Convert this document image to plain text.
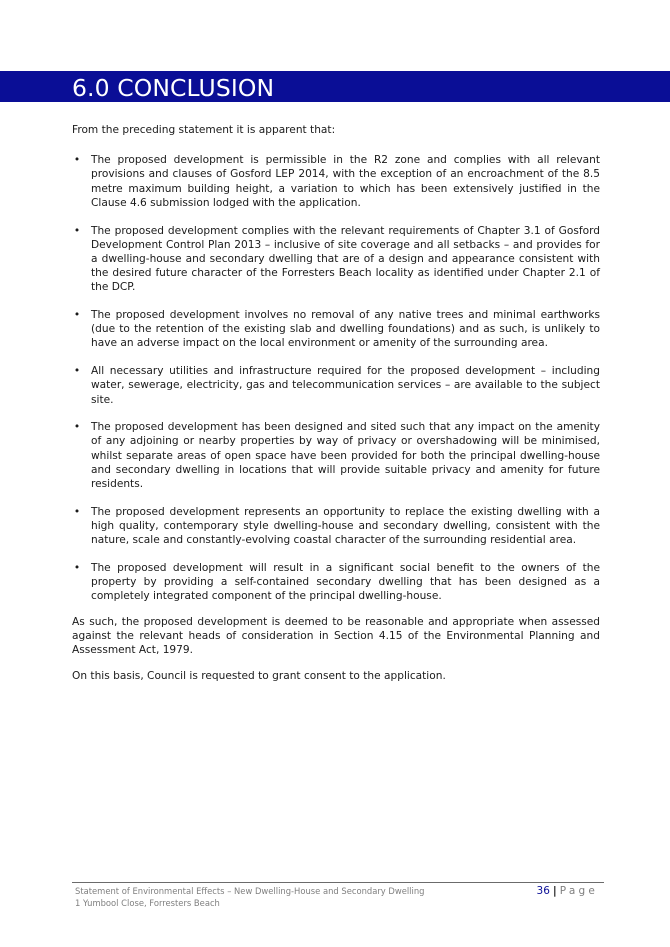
6.0 CONCLUSION

From the preceding statement it is apparent that:

• The proposed development is permissible in the R2 zone and complies with all relevant provisions and clauses of Gosford LEP 2014, with the exception of an encroachment of the 8.5 metre maximum building height, a variation to which has been extensively justified in the Clause 4.6 submission lodged with the application.
• The proposed development complies with the relevant requirements of Chapter 3.1 of Gosford Development Control Plan 2013 – inclusive of site coverage and all setbacks – and provides for a dwelling-house and secondary dwelling that are of a design and appearance consistent with the desired future character of the Forresters Beach locality as identified under Chapter 2.1 of the DCP.
• The proposed development involves no removal of any native trees and minimal earthworks (due to the retention of the existing slab and dwelling foundations) and as such, is unlikely to have an adverse impact on the local environment or amenity of the surrounding area.
• All necessary utilities and infrastructure required for the proposed development – including water, sewerage, electricity, gas and telecommunication services – are available to the subject site.
• The proposed development has been designed and sited such that any impact on the amenity of any adjoining or nearby properties by way of privacy or overshadowing will be minimised, whilst separate areas of open space have been provided for both the principal dwelling-house and secondary dwelling in locations that will provide suitable privacy and amenity for future residents.
• The proposed development represents an opportunity to replace the existing dwelling with a high quality, contemporary style dwelling-house and secondary dwelling, consistent with the nature, scale and constantly-evolving coastal character of the surrounding residential area.
• The proposed development will result in a significant social benefit to the owners of the property by providing a self-contained secondary dwelling that has been designed as a completely integrated component of the principal dwelling-house.

As such, the proposed development is deemed to be reasonable and appropriate when assessed against the relevant heads of consideration in Section 4.15 of the Environmental Planning and Assessment Act, 1979.

On this basis, Council is requested to grant consent to the application.

Statement of Environmental Effects – New Dwelling-House and Secondary Dwelling
1 Yumbool Close, Forresters Beach
36 | Page
